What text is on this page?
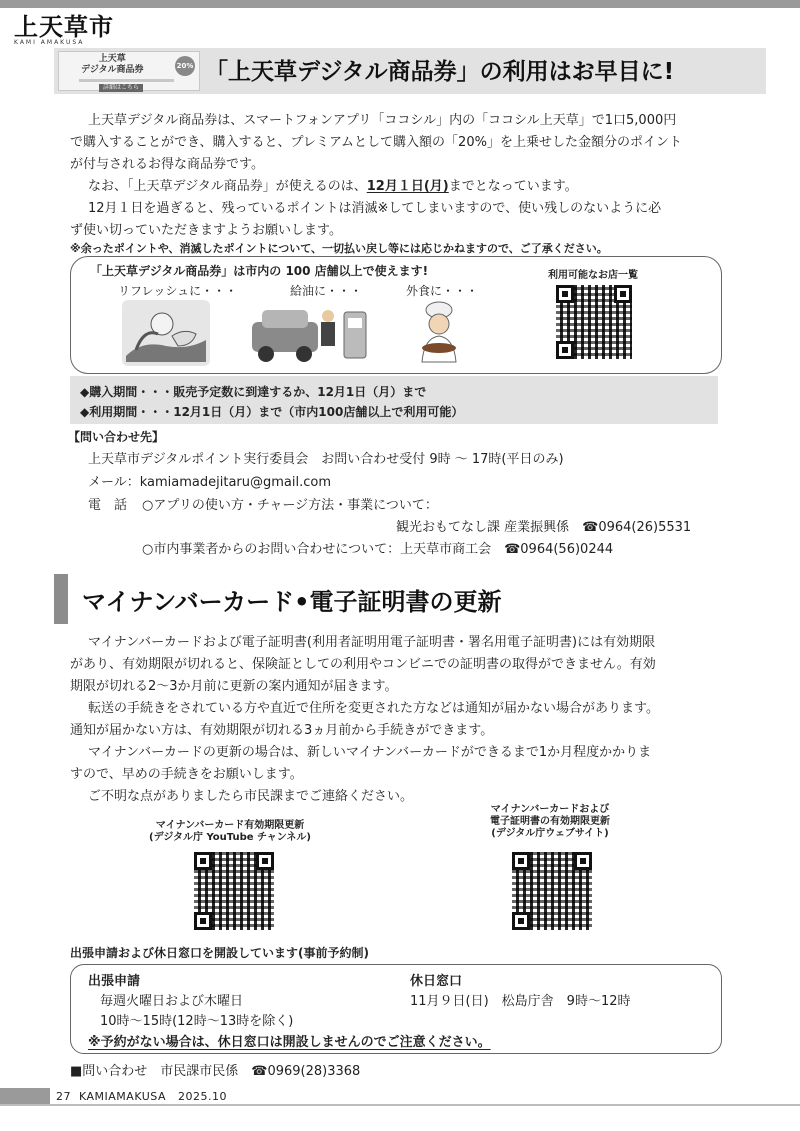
上天草市
KAMI AMAKUSA
上天草
デジタル商品券	20%
詳細はこちら
「上天草デジタル商品券」の利用はお早目に!
上天草デジタル商品券は、スマートフォンアプリ「ココシル」内の「ココシル上天草」で1口5,000円
で購入することができ、購入すると、プレミアムとして購入額の「20%」を上乗せした金額分のポイント
が付与されるお得な商品券です。
なお、「上天草デジタル商品券」が使えるのは、12月１日(月)までとなっています。
12月１日を過ぎると、残っているポイントは消滅※してしまいますので、使い残しのないように必
ず使い切っていただきますようお願いします。
※余ったポイントや、消滅したポイントについて、一切払い戻し等には応じかねますので、ご了承ください。
「上天草デジタル商品券」は市内の 100 店舗以上で使えます!
リフレッシュに・・・	給油に・・・	外食に・・・
利用可能なお店一覧
◆購入期間・・・販売予定数に到達するか、12月1日（月）まで
◆利用期間・・・12月1日（月）まで（市内100店舗以上で利用可能）
【問い合わせ先】
上天草市デジタルポイント実行委員会　お問い合わせ受付 9時 ～ 17時(平日のみ)
メール：kamiamadejitaru@gmail.com
電　話 ○アプリの使い方・チャージ方法・事業について：
観光おもてなし課 産業振興係　☎0964(26)5531
○市内事業者からのお問い合わせについて：上天草市商工会　☎0964(56)0244
マイナンバーカード•電子証明書の更新
マイナンバーカードおよび電子証明書(利用者証明用電子証明書・署名用電子証明書)には有効期限
があり、有効期限が切れると、保険証としての利用やコンビニでの証明書の取得ができません。有効
期限が切れる2～3か月前に更新の案内通知が届きます。
転送の手続きをされている方や直近で住所を変更された方などは通知が届かない場合があります。
通知が届かない方は、有効期限が切れる3ヵ月前から手続きができます。
マイナンバーカードの更新の場合は、新しいマイナンバーカードができるまで1か月程度かかりま
すので、早めの手続きをお願いします。
ご不明な点がありましたら市民課までご連絡ください。
マイナンバーカード有効期限更新
(デジタル庁 YouTube チャンネル)
マイナンバーカードおよび
電子証明書の有効期限更新
(デジタル庁ウェブサイト)
出張申請および休日窓口を開設しています(事前予約制)
出張申請
毎週火曜日および木曜日
10時～15時(12時～13時を除く)
休日窓口
11月９日(日)　松島庁舎　9時～12時
※予約がない場合は、休日窓口は開設しませんのでご注意ください。
■問い合わせ　市民課市民係　☎0969(28)3368
27 KAMIAMAKUSA 2025.10
